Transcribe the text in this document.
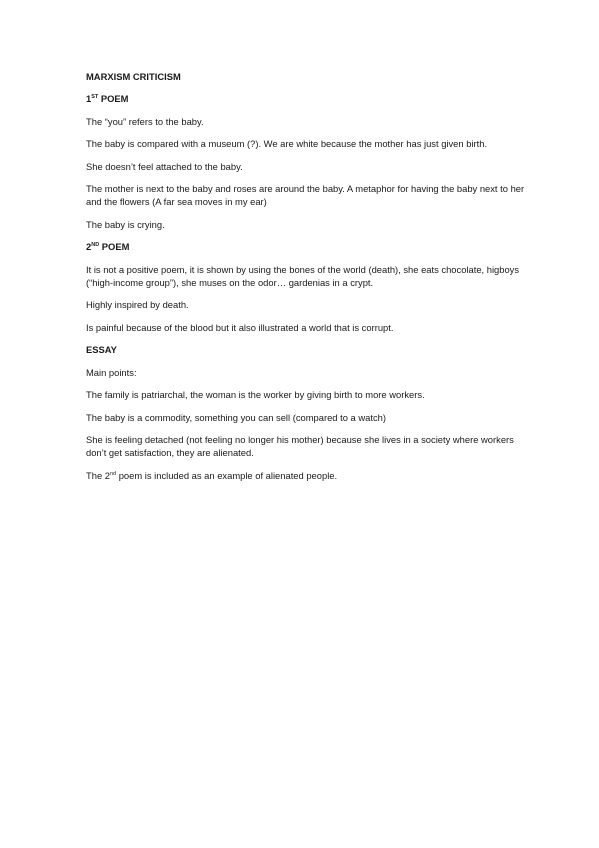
MARXISM CRITICISM

1ST POEM

The “you” refers to the baby.

The baby is compared with a museum (?). We are white because the mother has just given birth.

She doesn’t feel attached to the baby.

The mother is next to the baby and roses are around the baby. A metaphor for having the baby next to her and the flowers (A far sea moves in my ear)

The baby is crying.

2ND POEM

It is not a positive poem, it is shown by using the bones of the world (death), she eats chocolate, higboys (“high-income group”), she muses on the odor… gardenias in a crypt.

Highly inspired by death.

Is painful because of the blood but it also illustrated a world that is corrupt.

ESSAY

Main points:

The family is patriarchal, the woman is the worker by giving birth to more workers.

The baby is a commodity, something you can sell (compared to a watch)

She is feeling detached (not feeling no longer his mother) because she lives in a society where workers don’t get satisfaction, they are alienated.

The 2nd poem is included as an example of alienated people.
